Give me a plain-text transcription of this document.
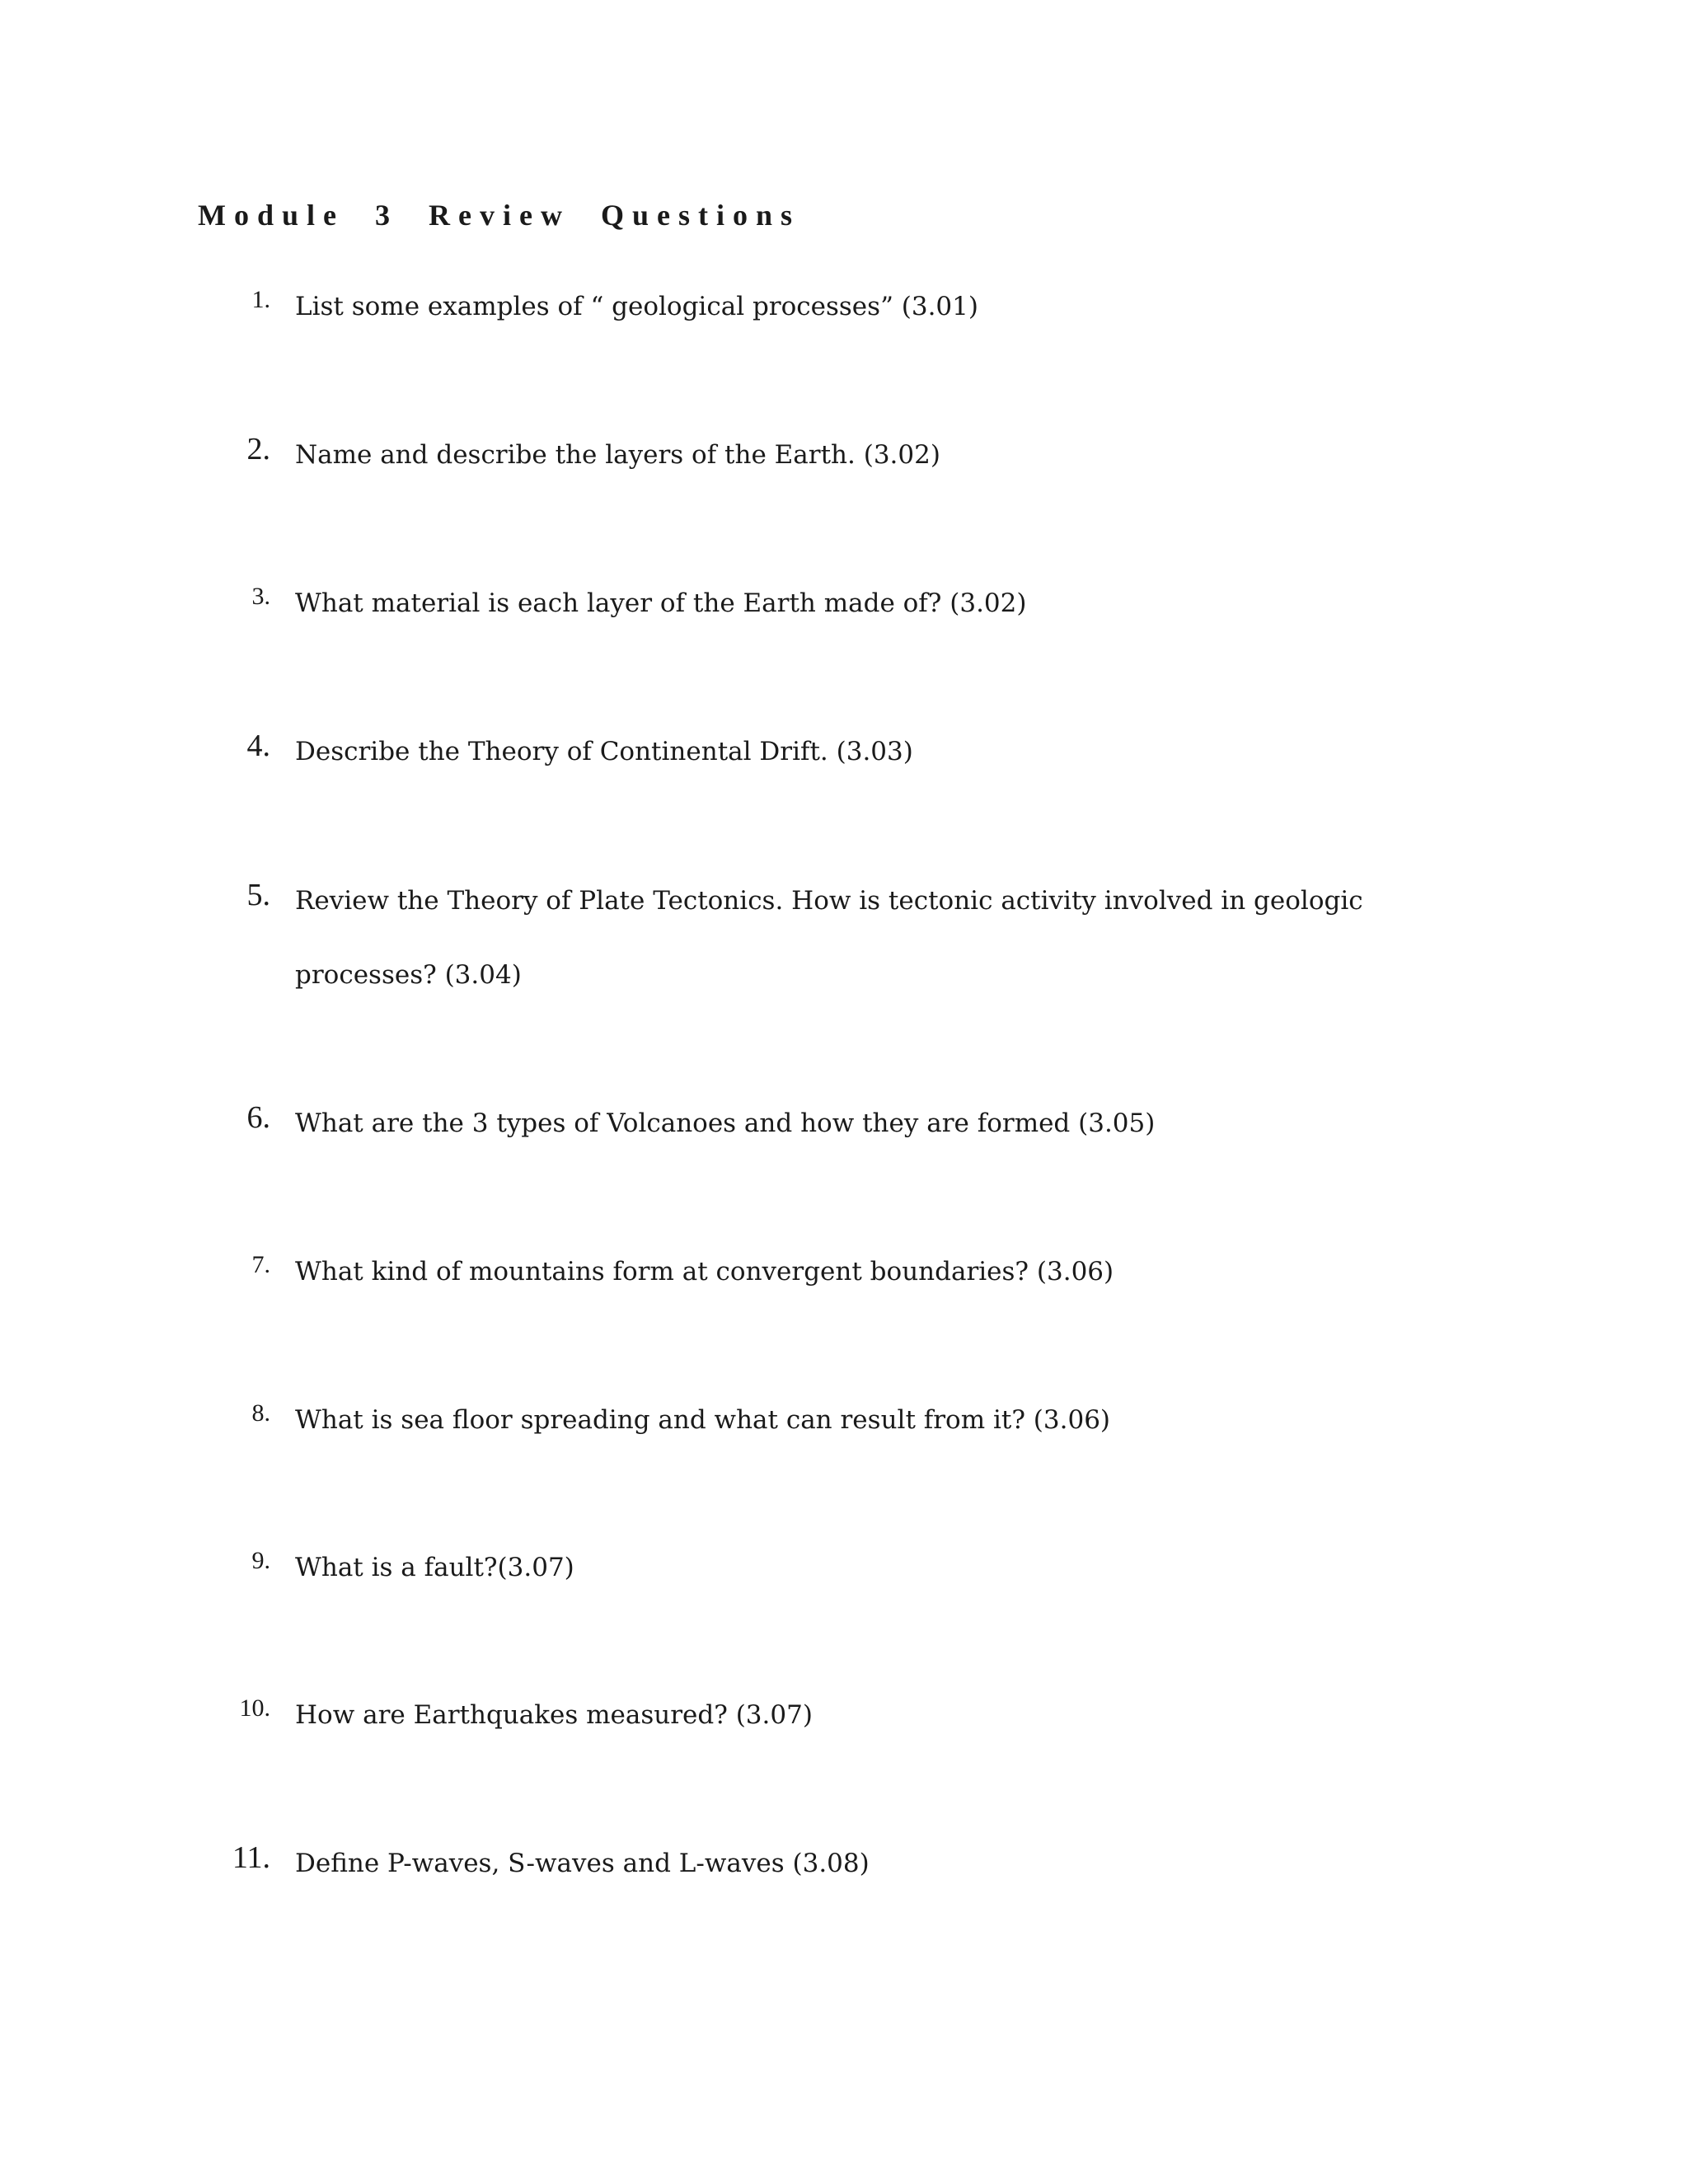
Module 3 Review Questions
1. List some examples of “ geological processes” (3.01)
2. Name and describe the layers of the Earth. (3.02)
3. What material is each layer of the Earth made of? (3.02)
4. Describe the Theory of Continental Drift. (3.03)
5. Review the Theory of Plate Tectonics. How is tectonic activity involved in geologic
processes? (3.04)
6. What are the 3 types of Volcanoes and how they are formed (3.05)
7. What kind of mountains form at convergent boundaries? (3.06)
8. What is sea floor spreading and what can result from it? (3.06)
9. What is a fault?(3.07)
10. How are Earthquakes measured? (3.07)
11. Define P-waves, S-waves and L-waves (3.08)
